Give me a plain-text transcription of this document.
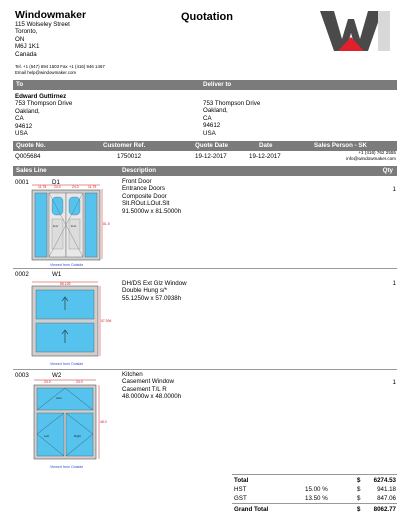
Windowmaker
115 Wolseley Street
Toronto,
ON
M6J 1K1
Canada
Tel. +1 (647) 694 1503 Fax +1 (416) 946 1467
Email help@windowmaker.com
Quotation
To	Deliver to
Edward Guttirnez
753 Thompson Drive
Oakland,
CA
94612
USA
753 Thompson Drive
Oakland,
CA
94612
USA
Quote No.	Customer Ref.	Quote Date	Date	Sales Person - SK
Q005684	1750012	19-12-2017	19-12-2017
+1 (416) 762 2555
info@windowmaker.com
Sales Line	Description	Qty
0001	D1	Front Door
Entrance Doors
Composite Door
Slt.ROut.LOut.Slt
91.5000w x 81.5000h
1
11.75 24.0	24.0	11.75
81.5
Entr	Entr
Viewed from Outside
0002	W1
DH/DS Ext Glz Window
Double Hung s/*
55.1250w x 57.0938h
1
55.125
57.094
Viewed from Outside
0003	W2	Kitchen
Casement Window
Casement T/L R
48.0000w x 48.0000h
1
24.0	24.0
48.0
Awn
Left	Right
Viewed from Outside
Total	$ 6274.53
HST	15.00 %	$	941.18
GST	13.50 %	$	847.06
Grand Total	$ 8062.77
